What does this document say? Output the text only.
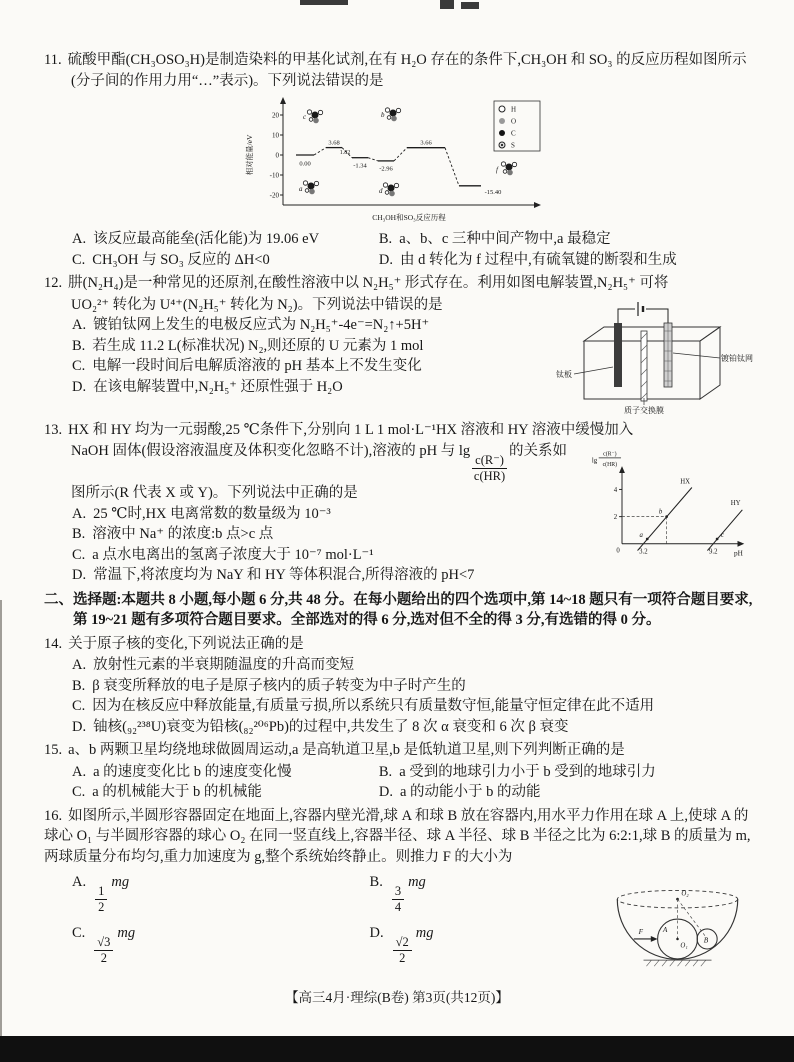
11. 硫酸甲酯(CH₃OSO₃H)是制造染料的甲基化试剂,在有 H₂O 存在的条件下,CH₃OH 和 SO₃ 的反应历程如图所示(分子间的作用力用“…”表示)。下列说法错误的是

20
10
0
-10
-20
相对能量/eV	0.00
3.68
1.82
-1.34 -2.96
3.66
-15.40
c	b
a	d
f
H
O
C
S
CH₃OH和SO₃反应历程

A. 该反应最高能垒(活化能)为 19.06 eV	B. a、b、c 三种中间产物中,a 最稳定

C. CH₃OH 与 SO₃ 反应的 ΔH<0	D. 由 d 转化为 f 过程中,有硫氧键的断裂和生成

12. 肼(N₂H₄)是一种常见的还原剂,在酸性溶液中以 N₂H₅⁺ 形式存在。利用如图电解装置,N₂H₅⁺ 可将

钛板
镀铂钛网
质子交换膜

UO₂²⁺ 转化为 U⁴⁺(N₂H₅⁺ 转化为 N₂)。下列说法中错误的是

A. 镀铂钛网上发生的电极反应式为 N₂H₅⁺-4e⁻=N₂↑+5H⁺

B. 若生成 11.2 L(标准状况) N₂,则还原的 U 元素为 1 mol

C. 电解一段时间后电解质溶液的 pH 基本上不发生变化

D. 在该电解装置中,N₂H₅⁺ 还原性强于 H₂O

13. HX 和 HY 均为一元弱酸,25 ℃条件下,分别向 1 L 1 mol·L⁻¹HX 溶液和 HY 溶液中缓慢加入

lg
c(R⁻)
c(HR)
4
2
HX
HY
a
b
c
0	3.2	9.2 pH

NaOH 固体(假设溶液温度及体积变化忽略不计),溶液的 pH 与 lg
$\frac{c(R^-)}{c(HR)}$
的关系如图所示(R 代表 X 或 Y)。下列说法中正确的是

A. 25 ℃时,HX 电离常数的数量级为 10⁻³

B. 溶液中 Na⁺ 的浓度:b 点>c 点

C. a 点水电离出的氢离子浓度大于 10⁻⁷ mol·L⁻¹

D. 常温下,将浓度均为 NaY 和 HY 等体积混合,所得溶液的 pH<7

二、选择题:本题共 8 小题,每小题 6 分,共 48 分。在每小题给出的四个选项中,第 14~18 题只有一项符合题目要求,第 19~21 题有多项符合题目要求。全部选对的得 6 分,选对但不全的得 3 分,有选错的得 0 分。

14. 关于原子核的变化,下列说法正确的是

A. 放射性元素的半衰期随温度的升高而变短

B. β 衰变所释放的电子是原子核内的质子转变为中子时产生的

C. 因为在核反应中释放能量,有质量亏损,所以系统只有质量数守恒,能量守恒定律在此不适用

D. 铀核(₉₂²³⁸U)衰变为铅核(₈₂²⁰⁶Pb)的过程中,共发生了 8 次 α 衰变和 6 次 β 衰变

15. a、b 两颗卫星均绕地球做圆周运动,a 是高轨道卫星,b 是低轨道卫星,则下列判断正确的是

A. a 的速度变化比 b 的速度变化慢	B. a 受到的地球引力小于 b 受到的地球引力

C. a 的机械能大于 b 的机械能	D. a 的动能小于 b 的动能

16. 如图所示,半圆形容器固定在地面上,容器内壁光滑,球 A 和球 B 放在容器内,用水平力作用在球 A 上,使球 A 的球心 O₁ 与半圆形容器的球心 O₂ 在同一竖直线上,容器半径、球 A 半径、球 B 半径之比为 6:2:1,球 B 的质量为 m,两球质量分布均匀,重力加速度为 g,整个系统始终静止。则推力 F 的大小为

O₂
A
O₁
B
F

A.
$\frac{1}{2}$
mg	B.
$\frac{3}{4}$
mg

C.
$\frac{√3}{2}$
mg	D.
$\frac{√2}{2}$
mg

【高三4月·理综(B卷) 第3页(共12页)】
